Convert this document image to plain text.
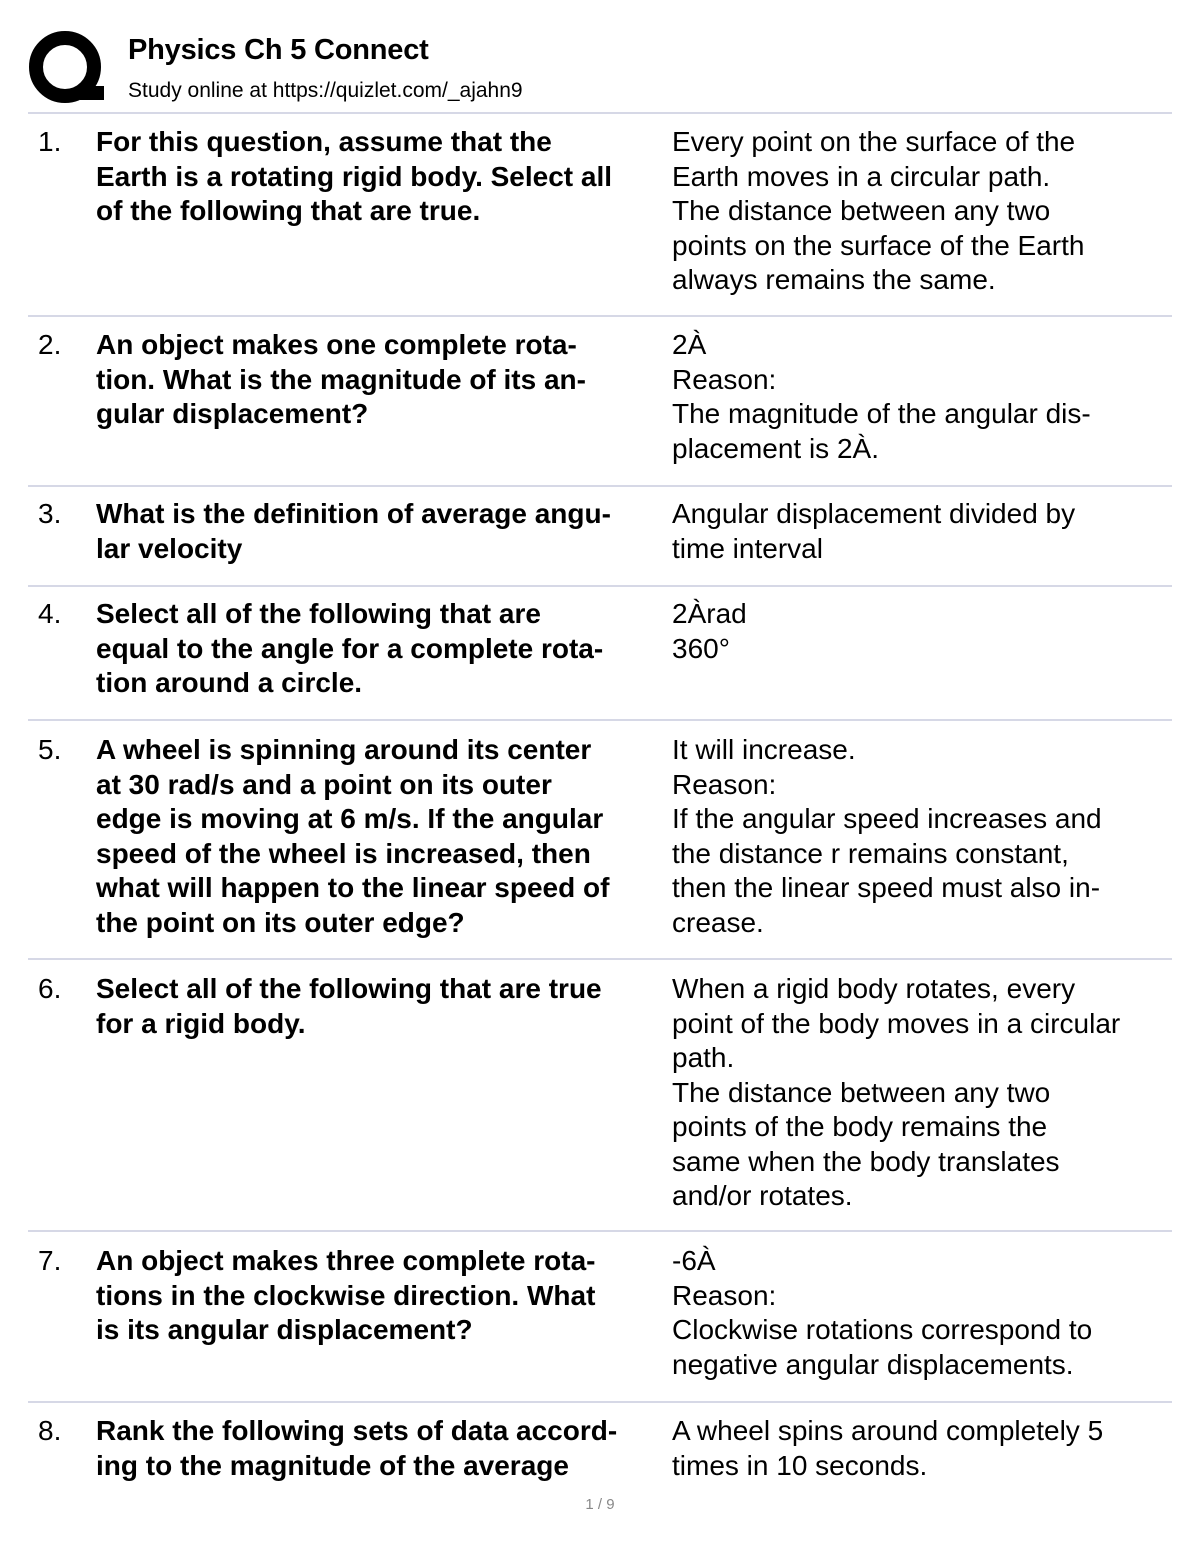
Physics Ch 5 Connect
Study online at https://quizlet.com/_ajahn9
1. For this question, assume that the
Earth is a rotating rigid body. Select all
of the following that are true.
Every point on the surface of the
Earth moves in a circular path.
The distance between any two
points on the surface of the Earth
always remains the same.
2. An object makes one complete rota-
tion. What is the magnitude of its an-
gular displacement?
2À
Reason:
The magnitude of the angular dis-
placement is 2À.
3. What is the definition of average angu-
lar velocity
Angular displacement divided by
time interval
4. Select all of the following that are
equal to the angle for a complete rota-
tion around a circle.
2Àrad
360°
5. A wheel is spinning around its center
at 30 rad/s and a point on its outer
edge is moving at 6 m/s. If the angular
speed of the wheel is increased, then
what will happen to the linear speed of
the point on its outer edge?
It will increase.
Reason:
If the angular speed increases and
the distance r remains constant,
then the linear speed must also in-
crease.
6. Select all of the following that are true
for a rigid body.
When a rigid body rotates, every
point of the body moves in a circular
path.
The distance between any two
points of the body remains the
same when the body translates
and/or rotates.
7. An object makes three complete rota-
tions in the clockwise direction. What
is its angular displacement?
-6À
Reason:
Clockwise rotations correspond to
negative angular displacements.
8. Rank the following sets of data accord-
ing to the magnitude of the average
A wheel spins around completely 5
times in 10 seconds.
1 / 9
